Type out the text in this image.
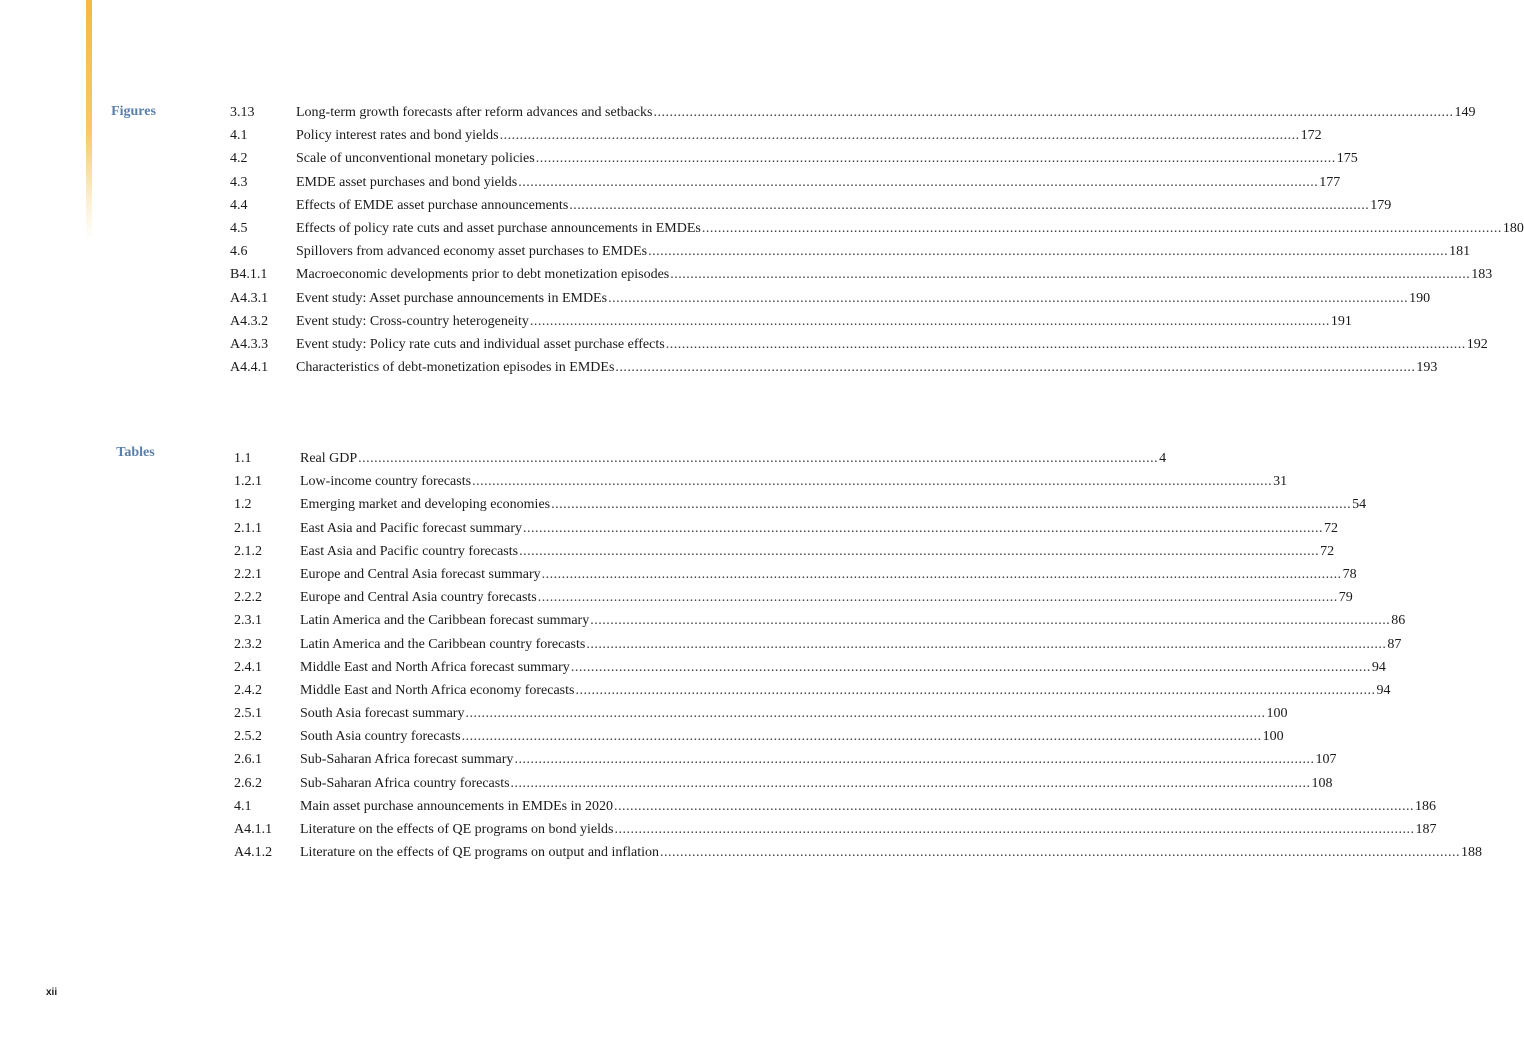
Figures	3.13	Long-term growth forecasts after reform advances and setbacks ........................................................................................................................................................................................................ 149
4.1	Policy interest rates and bond yields ........................................................................................................................................................................................................ 172
4.2	Scale of unconventional monetary policies ........................................................................................................................................................................................................ 175
4.3	EMDE asset purchases and bond yields ........................................................................................................................................................................................................ 177
4.4	Effects of EMDE asset purchase announcements ........................................................................................................................................................................................................ 179
4.5	Effects of policy rate cuts and asset purchase announcements in EMDEs ........................................................................................................................................................................................................ 180
4.6	Spillovers from advanced economy asset purchases to EMDEs ........................................................................................................................................................................................................ 181
B4.1.1 Macroeconomic developments prior to debt monetization episodes ........................................................................................................................................................................................................ 183
A4.3.1 Event study: Asset purchase announcements in EMDEs ........................................................................................................................................................................................................ 190
A4.3.2 Event study: Cross-country heterogeneity ........................................................................................................................................................................................................ 191
A4.3.3 Event study: Policy rate cuts and individual asset purchase effects ........................................................................................................................................................................................................ 192
A4.4.1 Characteristics of debt-monetization episodes in EMDEs ........................................................................................................................................................................................................ 193
Tables	1.1	Real GDP ........................................................................................................................................................................................................ 4
1.2.1	Low-income country forecasts ........................................................................................................................................................................................................ 31
1.2	Emerging market and developing economies ........................................................................................................................................................................................................ 54
2.1.1	East Asia and Pacific forecast summary ........................................................................................................................................................................................................ 72
2.1.2	East Asia and Pacific country forecasts ........................................................................................................................................................................................................ 72
2.2.1	Europe and Central Asia forecast summary ........................................................................................................................................................................................................ 78
2.2.2	Europe and Central Asia country forecasts ........................................................................................................................................................................................................ 79
2.3.1	Latin America and the Caribbean forecast summary ........................................................................................................................................................................................................ 86
2.3.2	Latin America and the Caribbean country forecasts ........................................................................................................................................................................................................ 87
2.4.1	Middle East and North Africa forecast summary ........................................................................................................................................................................................................ 94
2.4.2	Middle East and North Africa economy forecasts ........................................................................................................................................................................................................ 94
2.5.1	South Asia forecast summary ........................................................................................................................................................................................................ 100
2.5.2	South Asia country forecasts ........................................................................................................................................................................................................ 100
2.6.1	Sub-Saharan Africa forecast summary ........................................................................................................................................................................................................ 107
2.6.2	Sub-Saharan Africa country forecasts ........................................................................................................................................................................................................ 108
4.1	Main asset purchase announcements in EMDEs in 2020 ........................................................................................................................................................................................................ 186
A4.1.1 Literature on the effects of QE programs on bond yields ........................................................................................................................................................................................................ 187
A4.1.2 Literature on the effects of QE programs on output and inflation ........................................................................................................................................................................................................ 188
xii
